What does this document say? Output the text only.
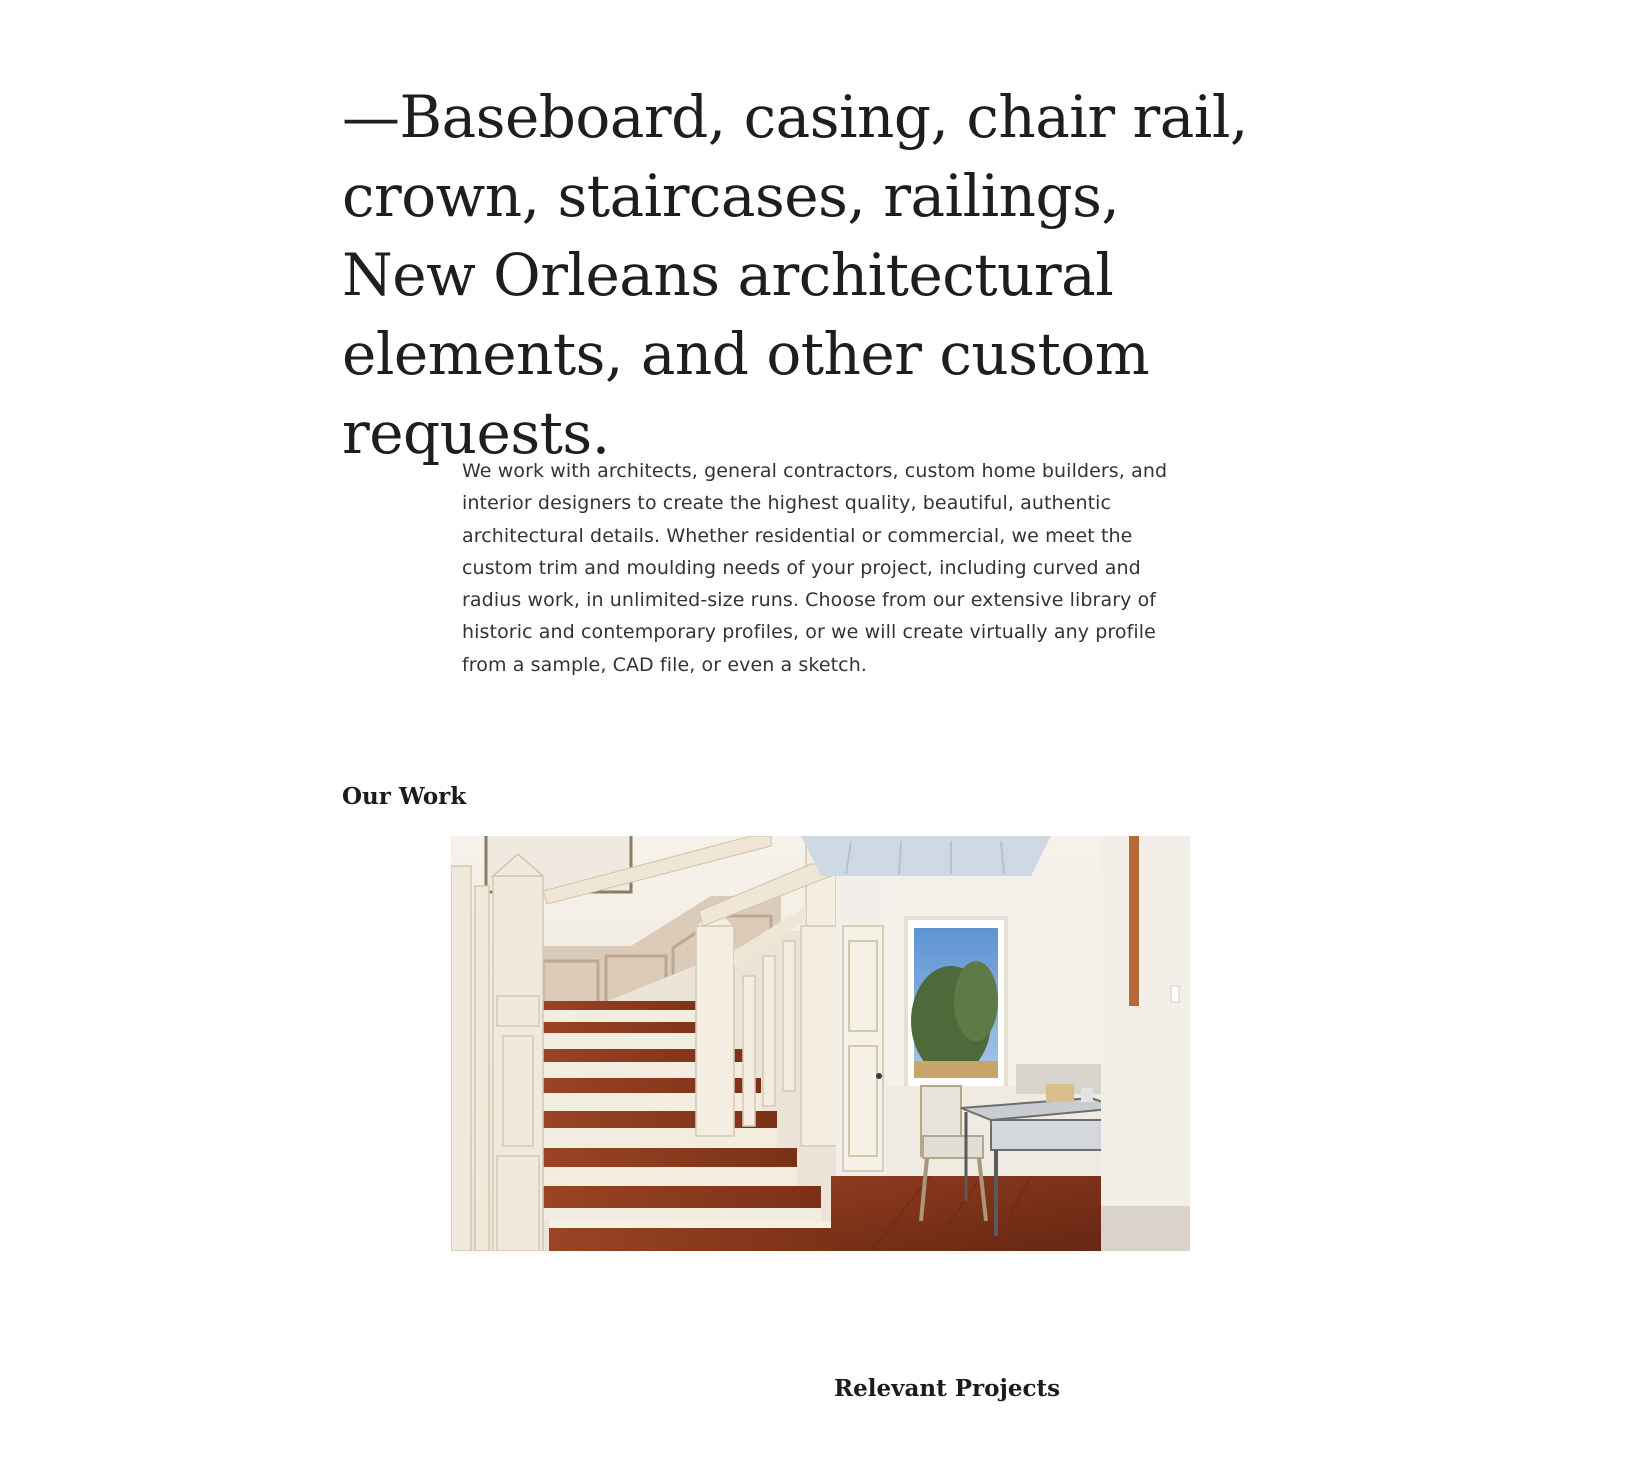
—Baseboard, casing, chair rail, crown, staircases, railings, New Orleans architectural elements, and other custom requests.

We work with architects, general contractors, custom home builders, and interior designers to create the highest quality, beautiful, authentic architectural details. Whether residential or commercial, we meet the custom trim and moulding needs of your project, including curved and radius work, in unlimited-size runs. Choose from our extensive library of historic and contemporary profiles, or we will create virtually any profile from a sample, CAD file, or even a sketch.

Our Work
Relevant Projects
